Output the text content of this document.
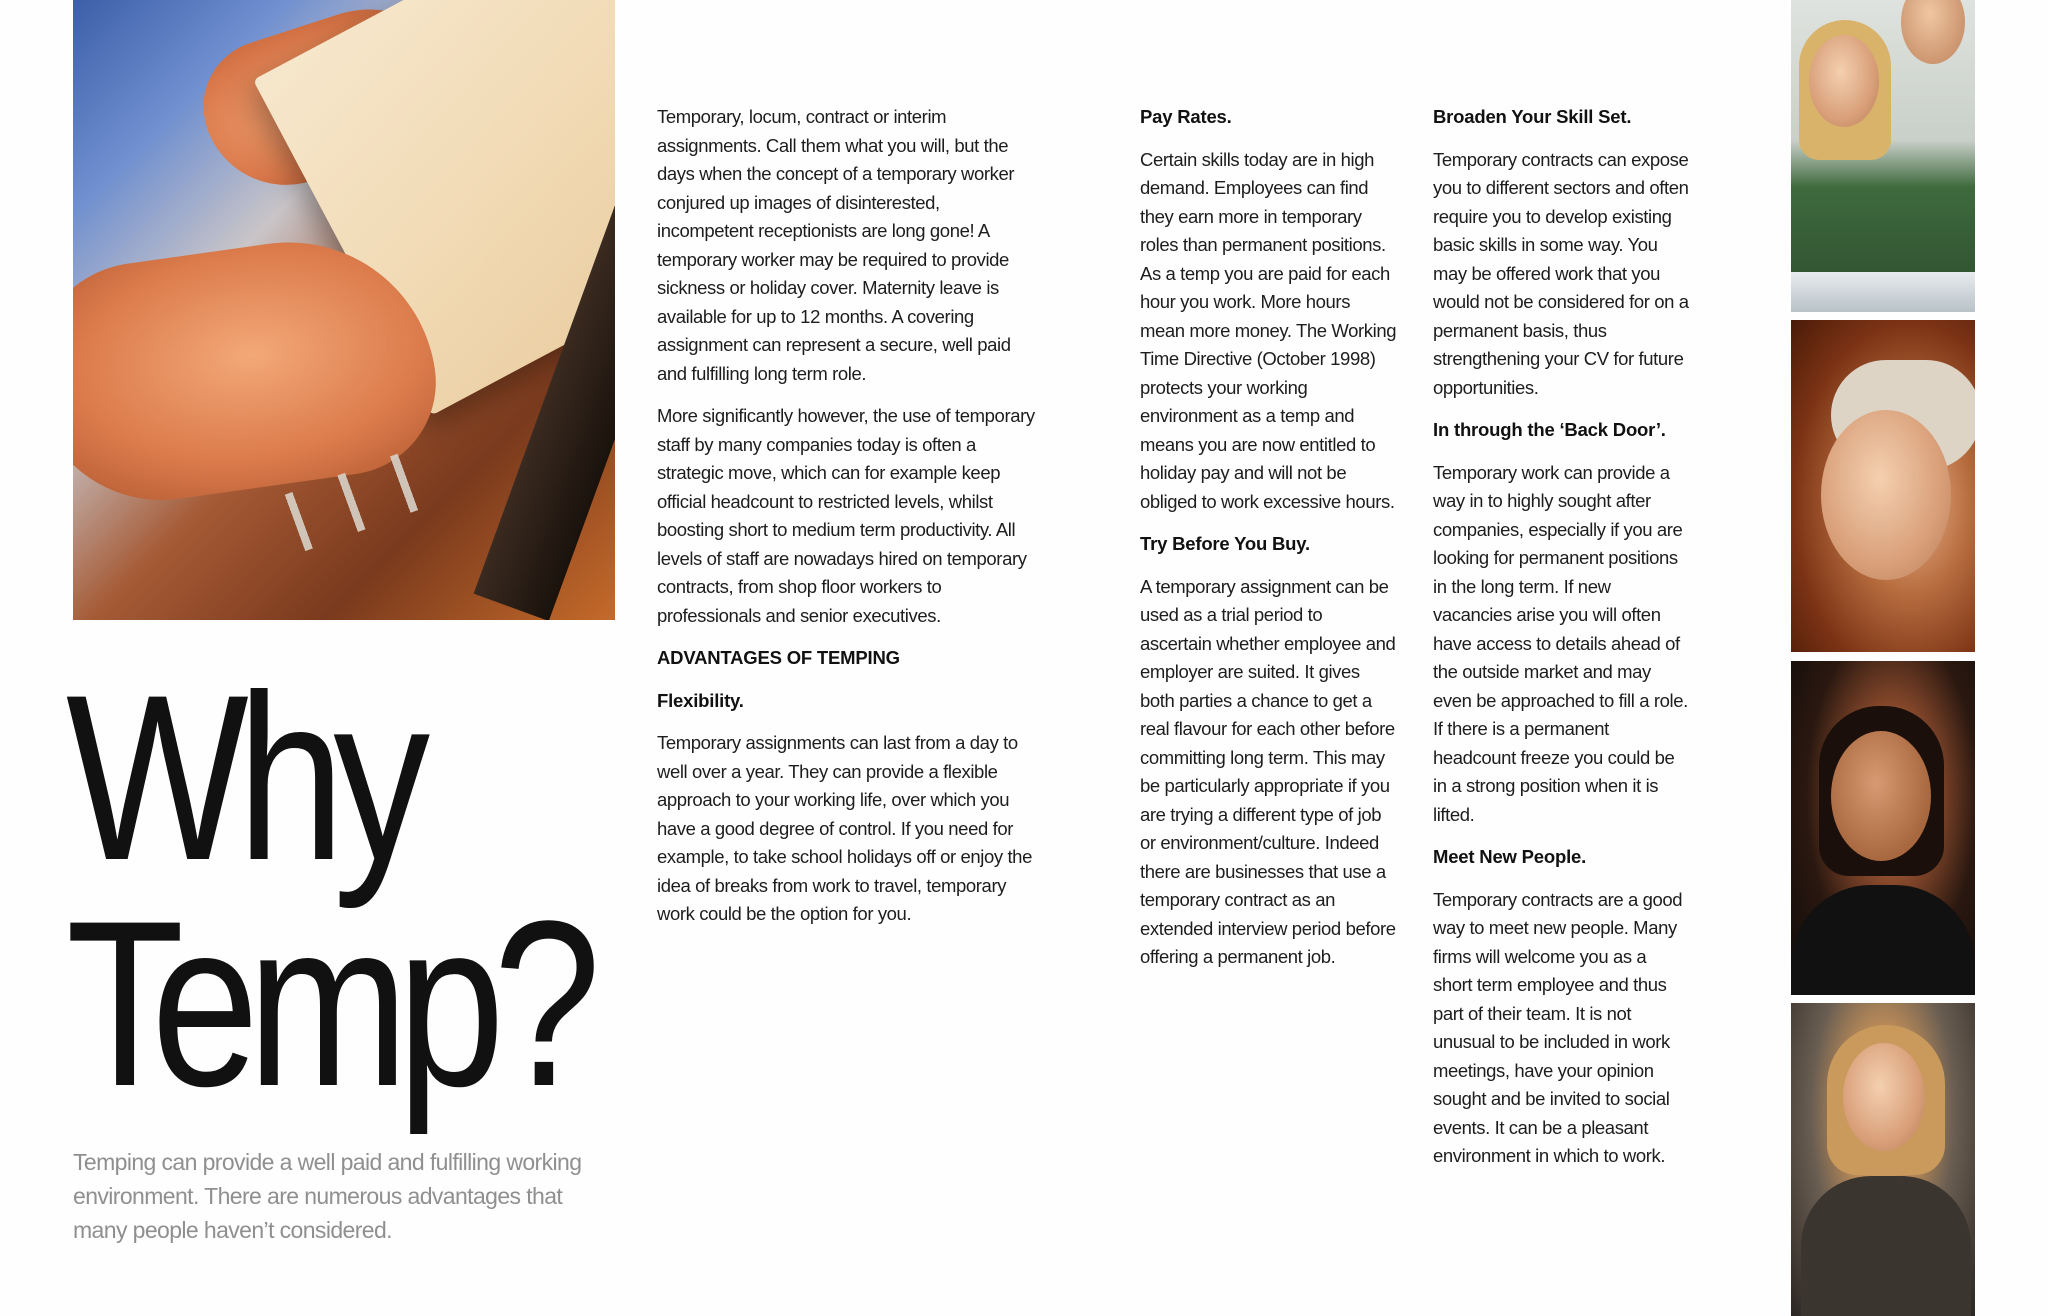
Why
Temp?

Temping can provide a well paid and fulfilling working environment. There are numerous advantages that many people haven’t considered.

Temporary, locum, contract or interim assignments. Call them what you will, but the days when the concept of a temporary worker conjured up images of disinterested, incompetent receptionists are long gone! A temporary worker may be required to provide sickness or holiday cover. Maternity leave is available for up to 12 months. A covering assignment can represent a secure, well paid and fulfilling long term role.

More significantly however, the use of temporary staff by many companies today is often a strategic move, which can for example keep official headcount to restricted levels, whilst boosting short to medium term productivity. All levels of staff are nowadays hired on temporary contracts, from shop floor workers to professionals and senior executives.

ADVANTAGES OF TEMPING
Flexibility.

Temporary assignments can last from a day to well over a year. They can provide a flexible approach to your working life, over which you have a good degree of control. If you need for example, to take school holidays off or enjoy the idea of breaks from work to travel, temporary work could be the option for you.

Pay Rates.

Certain skills today are in high demand. Employees can find they earn more in temporary roles than permanent positions. As a temp you are paid for each hour you work. More hours mean more money. The Working Time Directive (October 1998) protects your working environment as a temp and means you are now entitled to holiday pay and will not be obliged to work excessive hours.

Try Before You Buy.

A temporary assignment can be used as a trial period to ascertain whether employee and employer are suited. It gives both parties a chance to get a real flavour for each other before committing long term. This may be particularly appropriate if you are trying a different type of job or environment/culture. Indeed there are businesses that use a temporary contract as an extended interview period before offering a permanent job.

Broaden Your Skill Set.

Temporary contracts can expose you to different sectors and often require you to develop existing basic skills in some way. You may be offered work that you would not be considered for on a permanent basis, thus strengthening your CV for future opportunities.

In through the ‘Back Door’.

Temporary work can provide a way in to highly sought after companies, especially if you are looking for permanent positions in the long term. If new vacancies arise you will often have access to details ahead of the outside market and may even be approached to fill a role. If there is a permanent headcount freeze you could be in a strong position when it is lifted.

Meet New People.

Temporary contracts are a good way to meet new people. Many firms will welcome you as a short term employee and thus part of their team. It is not unusual to be included in work meetings, have your opinion sought and be invited to social events. It can be a pleasant environment in which to work.
